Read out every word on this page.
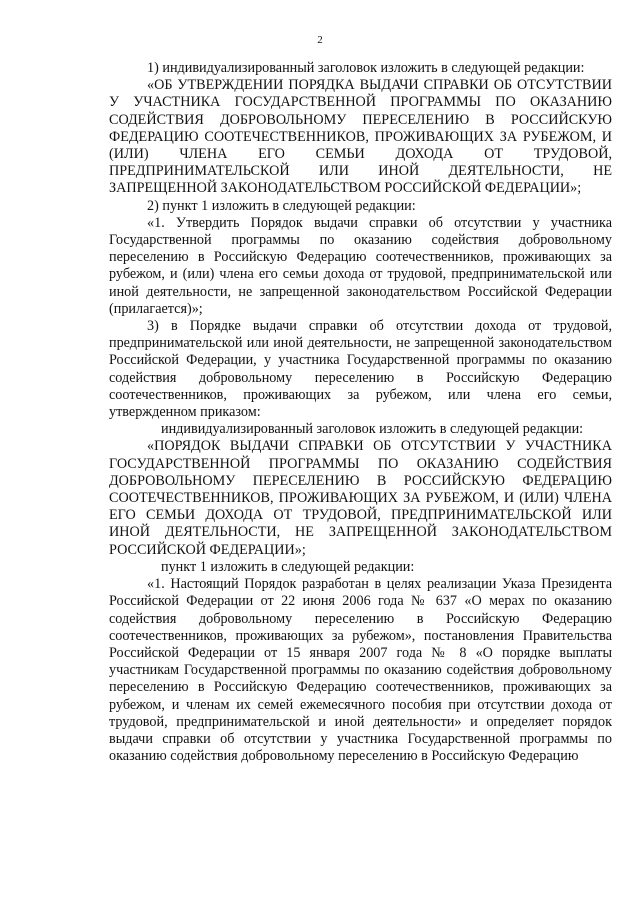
2

1) индивидуализированный заголовок изложить в следующей редакции:

«ОБ УТВЕРЖДЕНИИ ПОРЯДКА ВЫДАЧИ СПРАВКИ ОБ ОТСУТСТВИИ У УЧАСТНИКА ГОСУДАРСТВЕННОЙ ПРОГРАММЫ ПО ОКАЗАНИЮ СОДЕЙСТВИЯ ДОБРОВОЛЬНОМУ ПЕРЕСЕЛЕНИЮ В РОССИЙСКУЮ ФЕДЕРАЦИЮ СООТЕЧЕСТВЕННИКОВ, ПРОЖИВАЮЩИХ ЗА РУБЕЖОМ, И (ИЛИ) ЧЛЕНА ЕГО СЕМЬИ ДОХОДА ОТ ТРУДОВОЙ, ПРЕДПРИНИМАТЕЛЬСКОЙ ИЛИ ИНОЙ ДЕЯТЕЛЬНОСТИ, НЕ ЗАПРЕЩЕННОЙ ЗАКОНОДАТЕЛЬСТВОМ РОССИЙСКОЙ ФЕДЕРАЦИИ»;

2) пункт 1 изложить в следующей редакции:

«1. Утвердить Порядок выдачи справки об отсутствии у участника Государственной программы по оказанию содействия добровольному переселению в Российскую Федерацию соотечественников, проживающих за рубежом, и (или) члена его семьи дохода от трудовой, предпринимательской или иной деятельности, не запрещенной законодательством Российской Федерации (прилагается)»;

3) в Порядке выдачи справки об отсутствии дохода от трудовой, предпринимательской или иной деятельности, не запрещенной законодательством Российской Федерации, у участника Государственной программы по оказанию содействия добровольному переселению в Российскую Федерацию соотечественников, проживающих за рубежом, или члена его семьи, утвержденном приказом:

индивидуализированный заголовок изложить в следующей редакции:

«ПОРЯДОК ВЫДАЧИ СПРАВКИ ОБ ОТСУТСТВИИ У УЧАСТНИКА ГОСУДАРСТВЕННОЙ ПРОГРАММЫ ПО ОКАЗАНИЮ СОДЕЙСТВИЯ ДОБРОВОЛЬНОМУ ПЕРЕСЕЛЕНИЮ В РОССИЙСКУЮ ФЕДЕРАЦИЮ СООТЕЧЕСТВЕННИКОВ, ПРОЖИВАЮЩИХ ЗА РУБЕЖОМ, И (ИЛИ) ЧЛЕНА ЕГО СЕМЬИ ДОХОДА ОТ ТРУДОВОЙ, ПРЕДПРИНИМАТЕЛЬСКОЙ ИЛИ ИНОЙ ДЕЯТЕЛЬНОСТИ, НЕ ЗАПРЕЩЕННОЙ ЗАКОНОДАТЕЛЬСТВОМ РОССИЙСКОЙ ФЕДЕРАЦИИ»;

пункт 1 изложить в следующей редакции:

«1. Настоящий Порядок разработан в целях реализации Указа Президента Российской Федерации от 22 июня 2006 года № 637 «О мерах по оказанию содействия добровольному переселению в Российскую Федерацию соотечественников, проживающих за рубежом», постановления Правительства Российской Федерации от 15 января 2007 года № 8 «О порядке выплаты участникам Государственной программы по оказанию содействия добровольному переселению в Российскую Федерацию соотечественников, проживающих за рубежом, и членам их семей ежемесячного пособия при отсутствии дохода от трудовой, предпринимательской и иной деятельности» и определяет порядок выдачи справки об отсутствии у участника Государственной программы по оказанию содействия добровольному переселению в Российскую Федерацию
